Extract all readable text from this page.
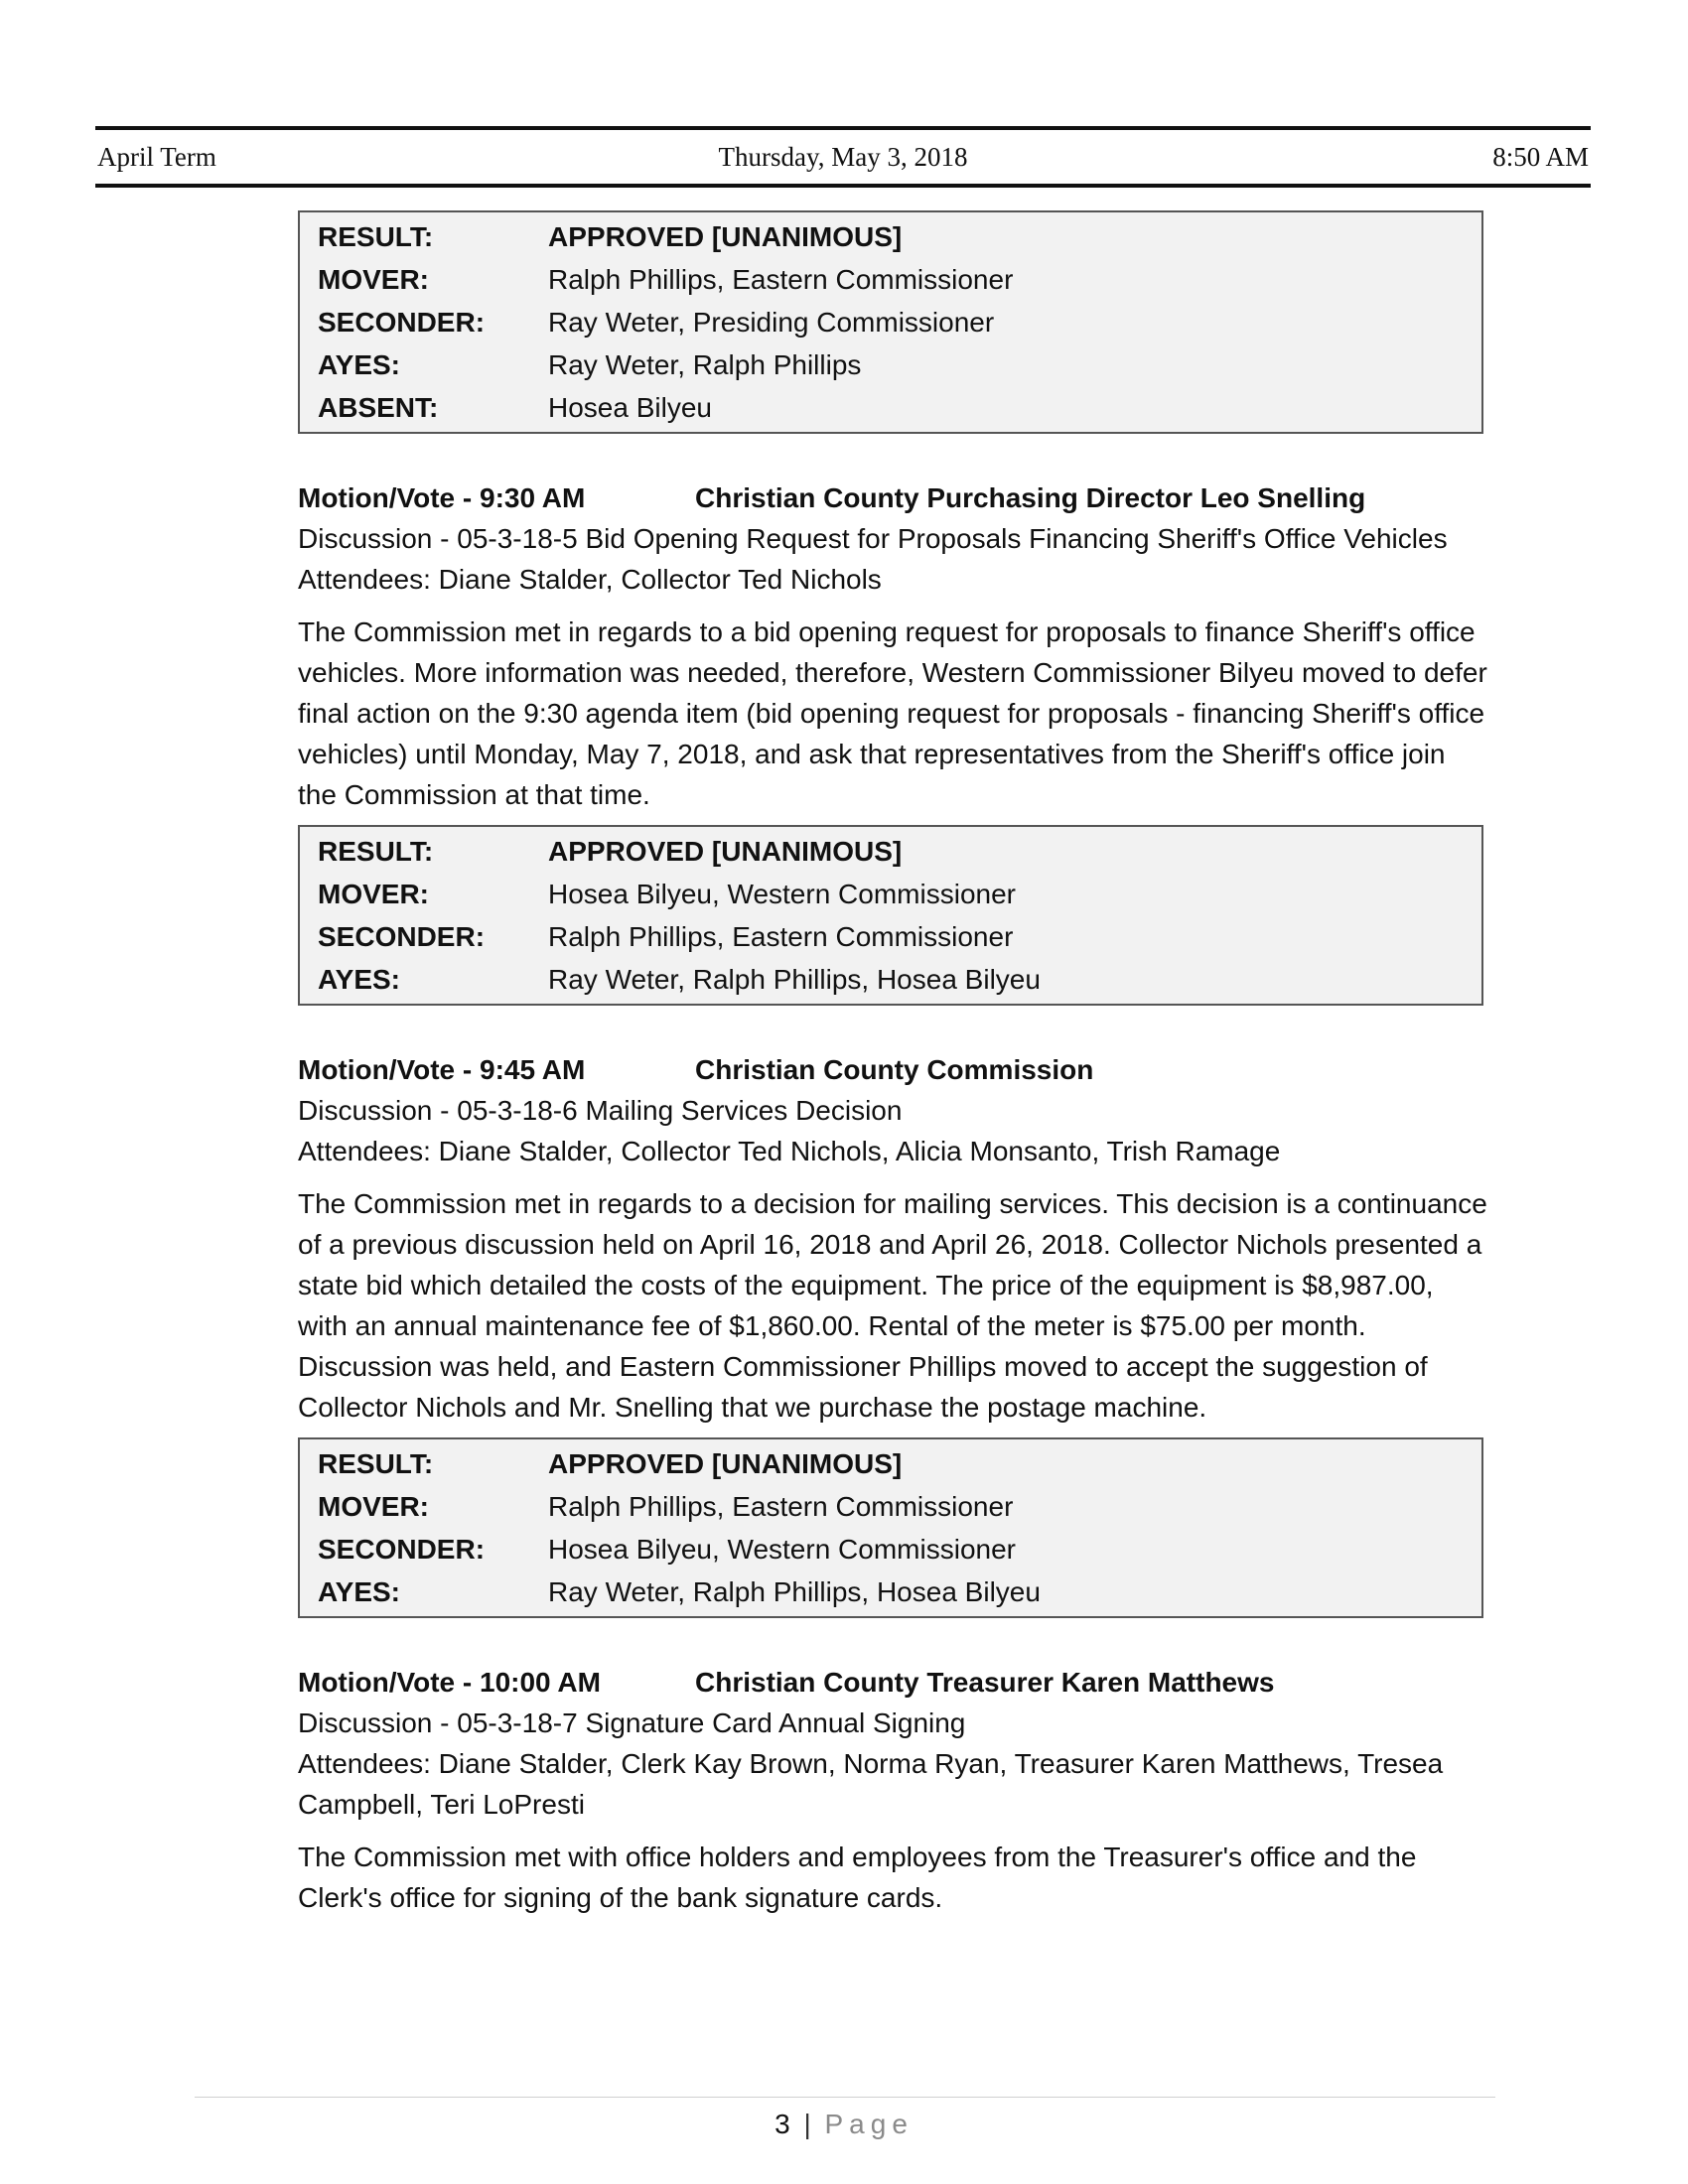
April Term	Thursday, May 3, 2018	8:50 AM
RESULT:	APPROVED [UNANIMOUS]
MOVER:	Ralph Phillips, Eastern Commissioner
SECONDER:	Ray Weter, Presiding Commissioner
AYES:	Ray Weter, Ralph Phillips
ABSENT:	Hosea Bilyeu
Motion/Vote - 9:30 AM	Christian County Purchasing Director Leo Snelling
Discussion - 05-3-18-5 Bid Opening Request for Proposals Financing Sheriff's Office Vehicles
Attendees: Diane Stalder, Collector Ted Nichols

The Commission met in regards to a bid opening request for proposals to finance Sheriff's office vehicles. More information was needed, therefore, Western Commissioner Bilyeu moved to defer final action on the 9:30 agenda item (bid opening request for proposals - financing Sheriff's office vehicles) until Monday, May 7, 2018, and ask that representatives from the Sheriff's office join the Commission at that time.

RESULT:	APPROVED [UNANIMOUS]
MOVER:	Hosea Bilyeu, Western Commissioner
SECONDER:	Ralph Phillips, Eastern Commissioner
AYES:	Ray Weter, Ralph Phillips, Hosea Bilyeu
Motion/Vote - 9:45 AM	Christian County Commission
Discussion - 05-3-18-6 Mailing Services Decision
Attendees: Diane Stalder, Collector Ted Nichols, Alicia Monsanto, Trish Ramage

The Commission met in regards to a decision for mailing services. This decision is a continuance of a previous discussion held on April 16, 2018 and April 26, 2018. Collector Nichols presented a state bid which detailed the costs of the equipment. The price of the equipment is $8,987.00, with an annual maintenance fee of $1,860.00. Rental of the meter is $75.00 per month. Discussion was held, and Eastern Commissioner Phillips moved to accept the suggestion of Collector Nichols and Mr. Snelling that we purchase the postage machine.

RESULT:	APPROVED [UNANIMOUS]
MOVER:	Ralph Phillips, Eastern Commissioner
SECONDER:	Hosea Bilyeu, Western Commissioner
AYES:	Ray Weter, Ralph Phillips, Hosea Bilyeu
Motion/Vote - 10:00 AM	Christian County Treasurer Karen Matthews
Discussion - 05-3-18-7 Signature Card Annual Signing
Attendees: Diane Stalder, Clerk Kay Brown, Norma Ryan, Treasurer Karen Matthews, Tresea Campbell, Teri LoPresti

The Commission met with office holders and employees from the Treasurer's office and the Clerk's office for signing of the bank signature cards.

3 | Page
